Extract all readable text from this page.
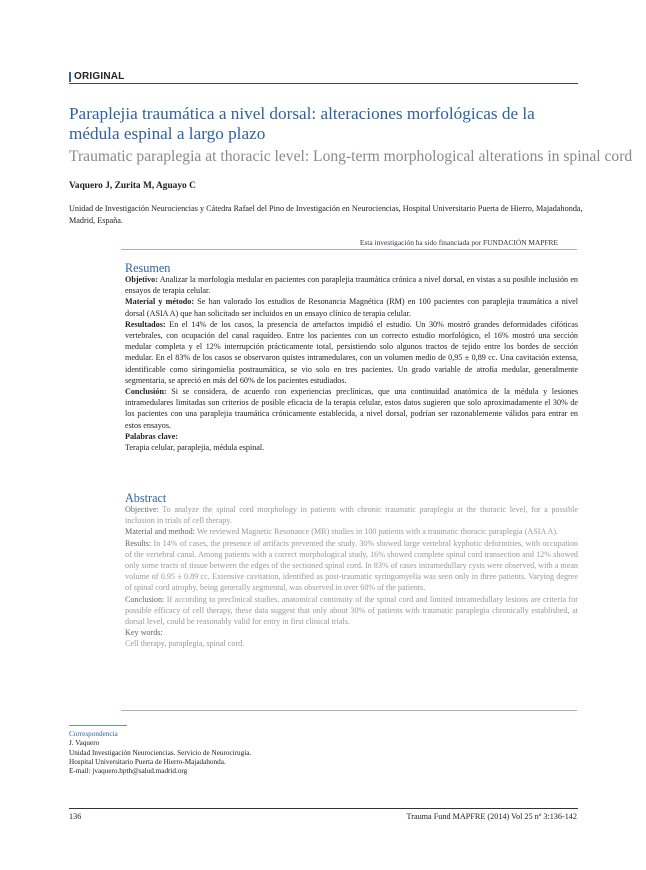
ORIGINAL
Paraplejia traumática a nivel dorsal: alteraciones morfológicas de la médula espinal a largo plazo
Traumatic paraplegia at thoracic level: Long-term morphological alterations in spinal cord
Vaquero J, Zurita M, Aguayo C
Unidad de Investigación Neurociencias y Cátedra Rafael del Pino de Investigación en Neurociencias, Hospital Universitario Puerta de Hierro, Majadahonda, Madrid, España.
Esta investigación ha sido financiada por FUNDACIÓN MAPFRE
Resumen

Objetivo: Analizar la morfología medular en pacientes con paraplejia traumática crónica a nivel dorsal, en vistas a su posible inclusión en ensayos de terapia celular.

Material y método: Se han valorado los estudios de Resonancia Magnética (RM) en 100 pacientes con paraplejia traumática a nivel dorsal (ASIA A) que han solicitado ser incluidos en un ensayo clínico de terapia celular.

Resultados: En el 14% de los casos, la presencia de artefactos impidió el estudio. Un 30% mostró grandes deformidades cifóticas vertebrales, con ocupación del canal raquídeo. Entre los pacientes con un correcto estudio morfológico, el 16% mostró una sección medular completa y el 12% interrupción prácticamente total, persistiendo solo algunos tractos de tejido entre los bordes de sección medular. En el 83% de los casos se observaron quistes intramedulares, con un volumen medio de 0,95 ± 0,89 cc. Una cavitación extensa, identificable como siringomielia postraumática, se vio solo en tres pacientes. Un grado variable de atrofia medular, generalmente segmentaria, se apreció en más del 60% de los pacientes estudiados.

Conclusión: Si se considera, de acuerdo con experiencias preclínicas, que una continuidad anatómica de la médula y lesiones intramedulares limitadas son criterios de posible eficacia de la terapia celular, estos datos sugieren que solo aproximadamente el 30% de los pacientes con una paraplejia traumática crónicamente establecida, a nivel dorsal, podrían ser razonablemente válidos para entrar en estos ensayos.

Palabras clave:

Terapia celular, paraplejia, médula espinal.

Abstract

Objective: To analyze the spinal cord morphology in patients with chronic traumatic paraplegia at the thoracic level, for a possible inclusion in trials of cell therapy.

Material and method: We reviewed Magnetic Resonance (MR) studies in 100 patients with a traumatic thoracic paraplegia (ASIA A).

Results: In 14% of cases, the presence of artifacts prevented the study. 30% showed large vertebral kyphotic deformities, with occupation of the vertebral canal. Among patients with a correct morphological study, 16% showed complete spinal cord transection and 12% showed only some tracts of tissue between the edges of the sectioned spinal cord. In 83% of cases intramedullary cysts were observed, with a mean volume of 0.95 ± 0.89 cc. Extensive cavitation, identified as post-traumatic syringomyelia was seen only in three patients. Varying degree of spinal cord atrophy, being generally segmental, was observed in over 60% of the patients.

Conclusion: If according to preclinical studies, anatomical continuity of the spinal cord and limited intramedullary lesions are criteria for possible efficacy of cell therapy, these data suggest that only about 30% of patients with traumatic paraplegia chronically established, at dorsal level, could be reasonably valid for entry in first clinical trials.

Key words:

Cell therapy, paraplegia, spinal cord.

Correspondencia
J. Vaquero
Unidad Investigación Neurociencias. Servicio de Neurocirugía.
Hospital Universitario Puerta de Hierro-Majadahonda.
E-mail: jvaquero.hpth@salud.madrid.org
136	Trauma Fund MAPFRE (2014) Vol 25 nº 3:136-142
